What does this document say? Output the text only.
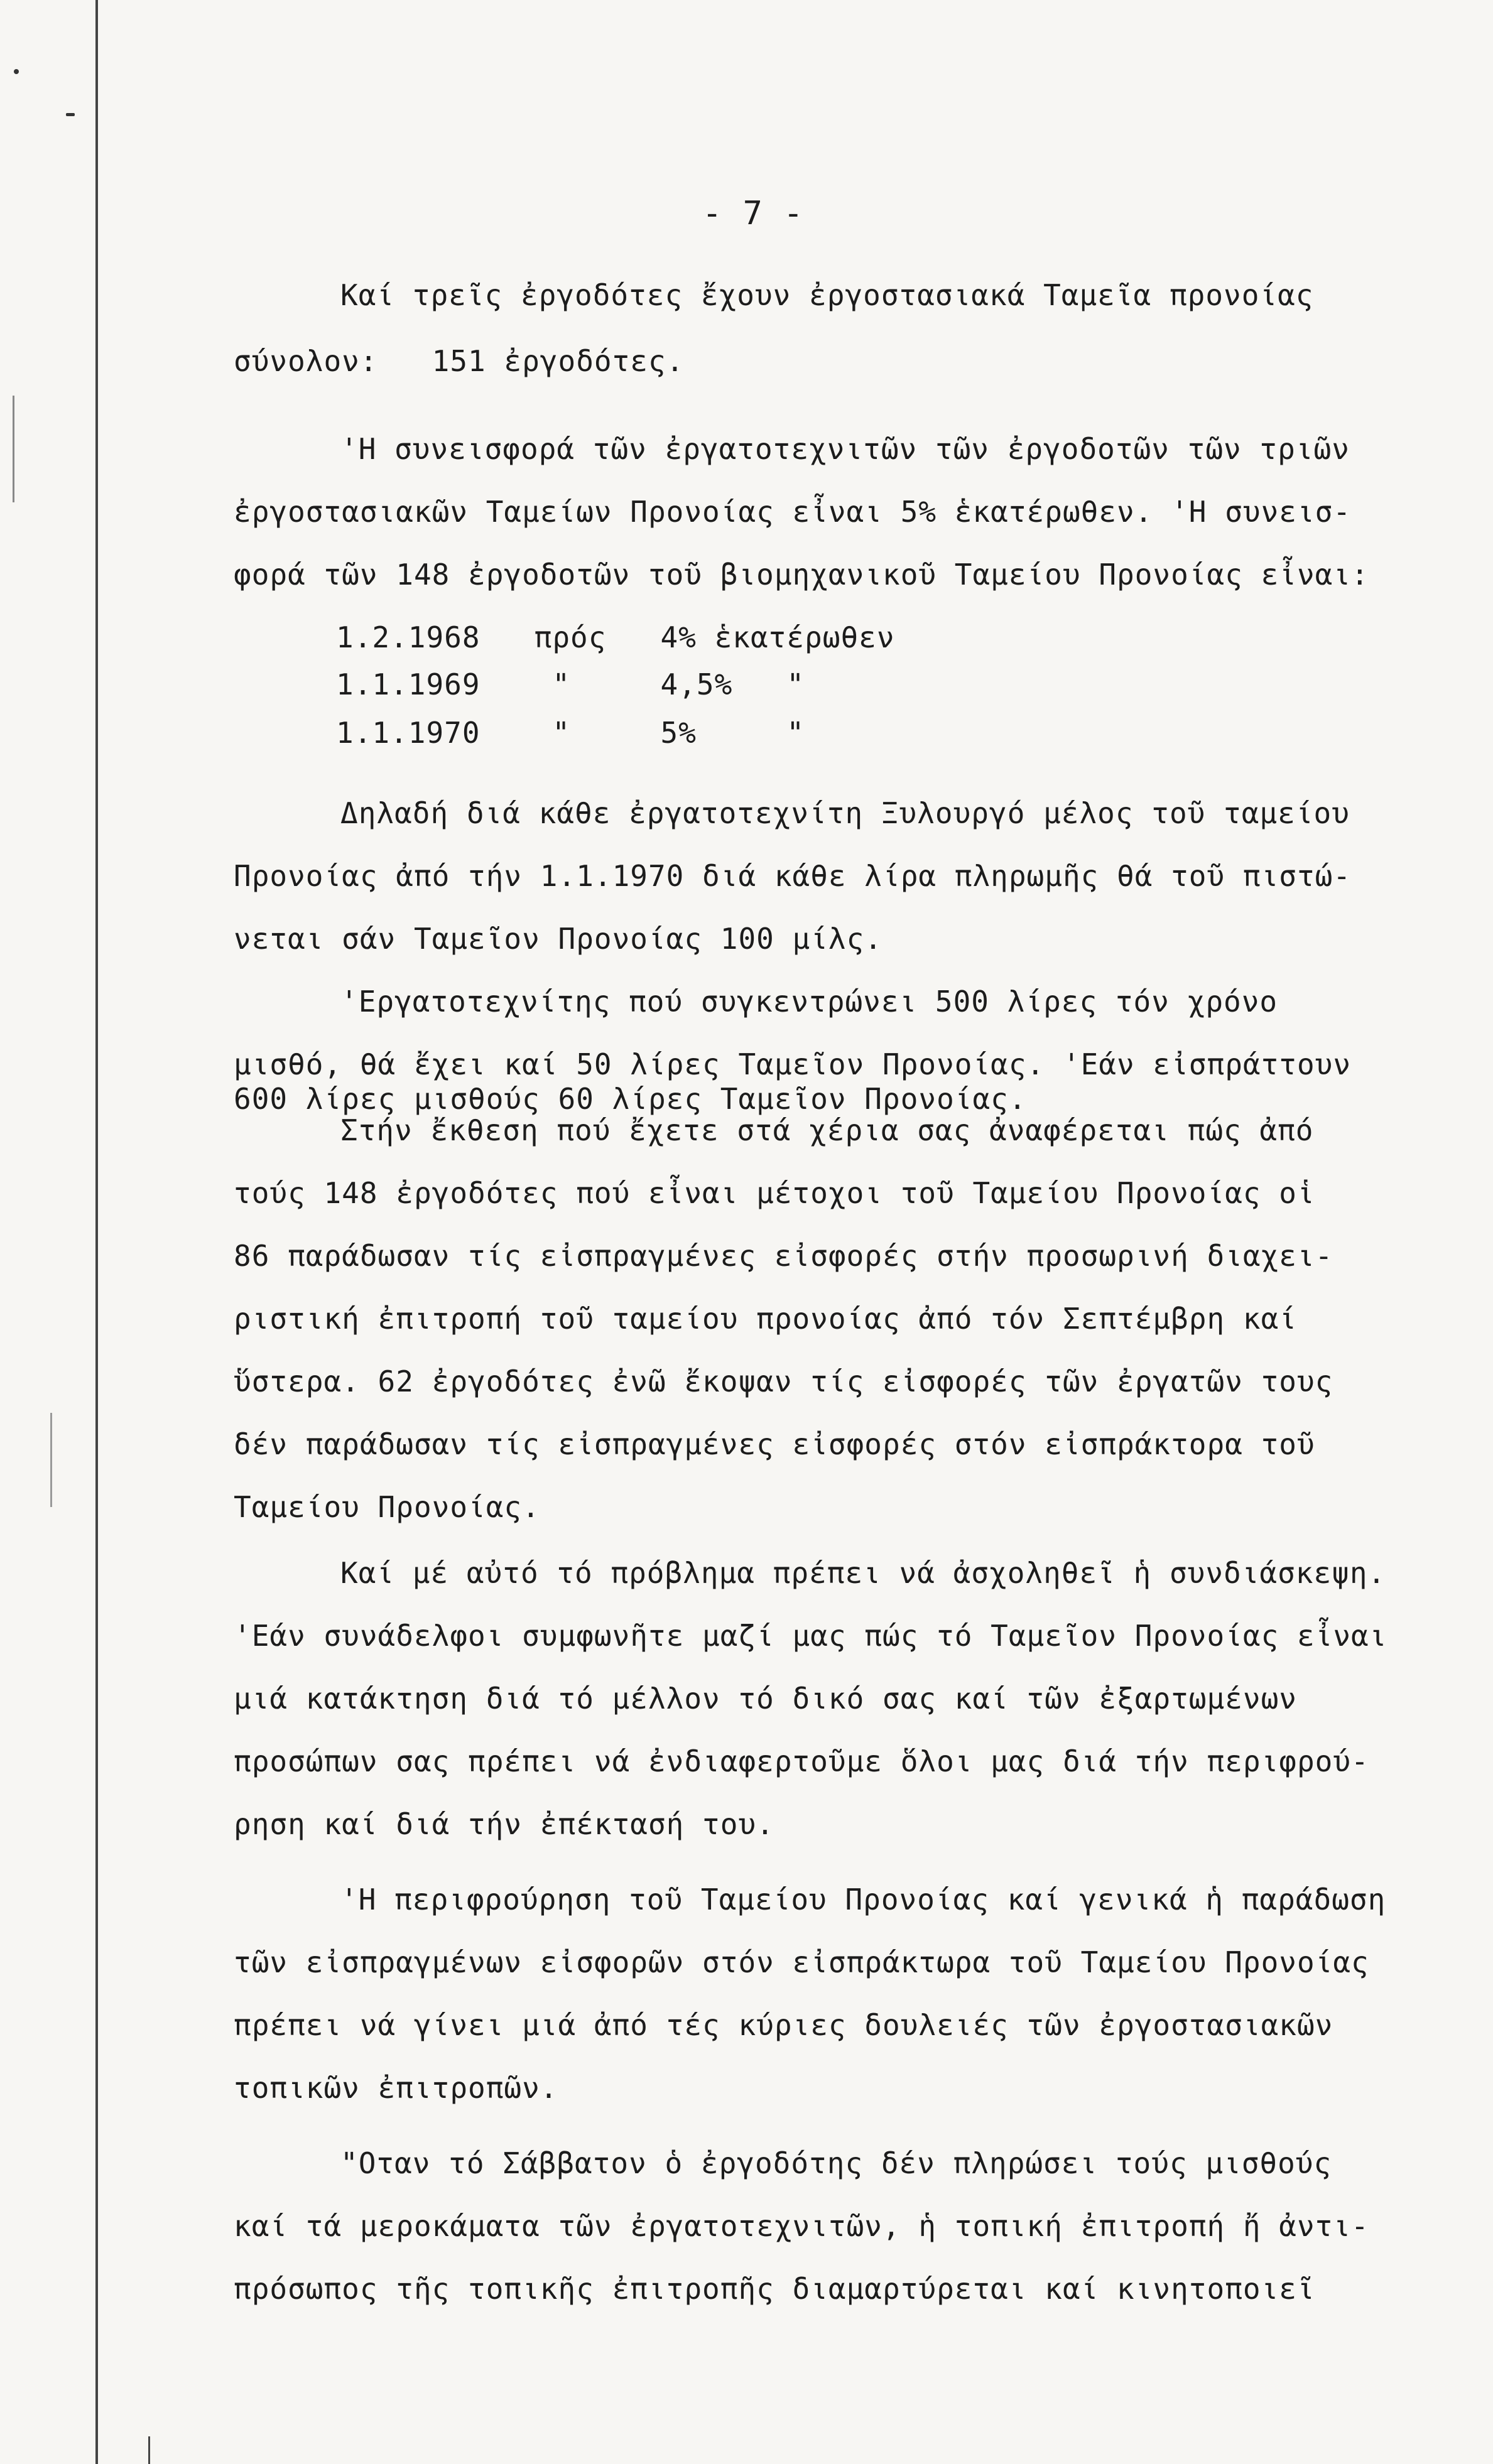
- 7 -
Καί τρεῖς ἐργοδότες ἔχουν ἐργοστασιακά Ταμεῖα προνοίας
σύνολον:   151 ἐργοδότες.
'Η συνεισφορά τῶν ἐργατοτεχνιτῶν τῶν ἐργοδοτῶν τῶν τριῶν
ἐργοστασιακῶν Ταμείων Προνοίας εἶναι 5% ἑκατέρωθεν. 'Η συνεισ-
φορά τῶν 148 ἐργοδοτῶν τοῦ βιομηχανικοῦ Ταμείου Προνοίας εἶναι:
1.2.1968   πρός   4% ἑκατέρωθεν
1.1.1969    "     4,5%   "
1.1.1970    "     5%     "
Δηλαδή διά κάθε ἐργατοτεχνίτη Ξυλουργό μέλος τοῦ ταμείου
Προνοίας ἀπό τήν 1.1.1970 διά κάθε λίρα πληρωμῆς θά τοῦ πιστώ-
νεται σάν Ταμεῖον Προνοίας 100 μίλς.
'Εργατοτεχνίτης πού συγκεντρώνει 500 λίρες τόν χρόνο
μισθό, θά ἔχει καί 50 λίρες Ταμεῖον Προνοίας. 'Εάν εἰσπράττουν
600 λίρες μισθούς 60 λίρες Ταμεῖον Προνοίας.
Στήν ἔκθεση πού ἔχετε στά χέρια σας ἀναφέρεται πώς ἀπό
τούς 148 ἐργοδότες πού εἶναι μέτοχοι τοῦ Ταμείου Προνοίας οἱ
86 παράδωσαν τίς εἰσπραγμένες εἰσφορές στήν προσωρινή διαχει-
ριστική ἐπιτροπή τοῦ ταμείου προνοίας ἀπό τόν Σεπτέμβρη καί
ὕστερα. 62 ἐργοδότες ἐνῶ ἔκοψαν τίς εἰσφορές τῶν ἐργατῶν τους
δέν παράδωσαν τίς εἰσπραγμένες εἰσφορές στόν εἰσπράκτορα τοῦ
Ταμείου Προνοίας.
Καί μέ αὐτό τό πρόβλημα πρέπει νά ἀσχοληθεῖ ἡ συνδιάσκεψη.
'Εάν συνάδελφοι συμφωνῆτε μαζί μας πώς τό Ταμεῖον Προνοίας εἶναι
μιά κατάκτηση διά τό μέλλον τό δικό σας καί τῶν ἐξαρτωμένων
προσώπων σας πρέπει νά ἐνδιαφερτοῦμε ὅλοι μας διά τήν περιφρού-
ρηση καί διά τήν ἐπέκτασή του.
'Η περιφρούρηση τοῦ Ταμείου Προνοίας καί γενικά ἡ παράδωση
τῶν εἰσπραγμένων εἰσφορῶν στόν εἰσπράκτωρα τοῦ Ταμείου Προνοίας
πρέπει νά γίνει μιά ἀπό τές κύριες δουλειές τῶν ἐργοστασιακῶν
τοπικῶν ἐπιτροπῶν.
"Οταν τό Σάββατον ὁ ἐργοδότης δέν πληρώσει τούς μισθούς
καί τά μεροκάματα τῶν ἐργατοτεχνιτῶν, ἡ τοπική ἐπιτροπή ἤ ἀντι-
πρόσωπος τῆς τοπικῆς ἐπιτροπῆς διαμαρτύρεται καί κινητοποιεῖ
